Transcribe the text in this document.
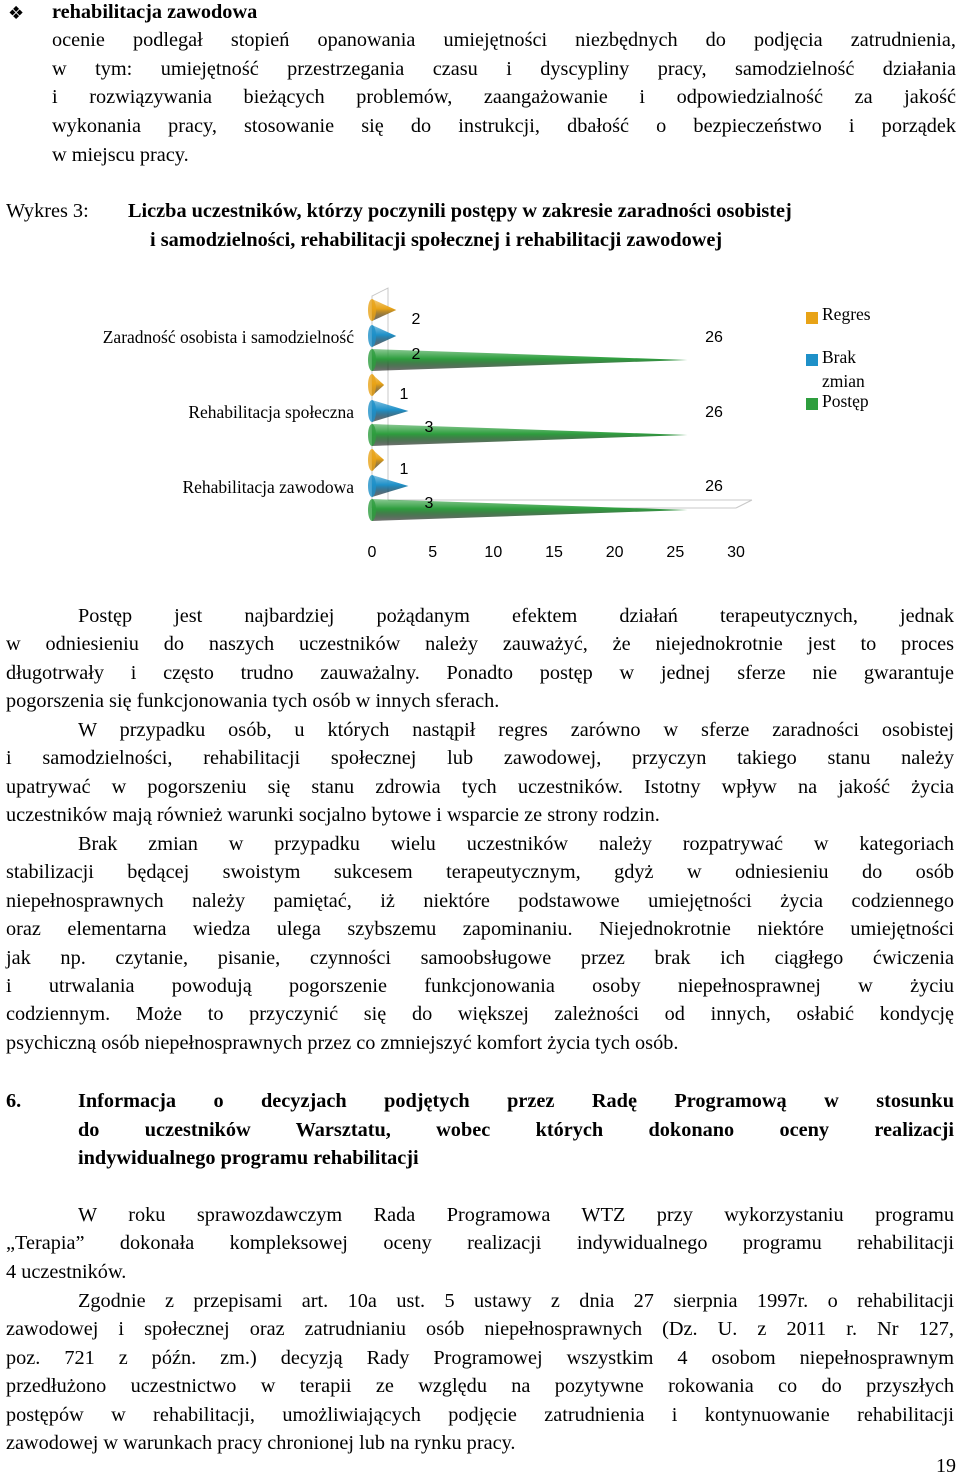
❖ rehabilitacja zawodowa
ocenie podlegał stopień opanowania umiejętności niezbędnych do podjęcia zatrudnienia,
w tym: umiejętność przestrzegania czasu i dyscypliny pracy, samodzielność działania
i rozwiązywania bieżących problemów, zaangażowanie i odpowiedzialność za jakość
wykonania pracy, stosowanie się do instrukcji, dbałość o bezpieczeństwo i porządek
w miejscu pracy.
Wykres 3: Liczba uczestników, którzy poczynili postępy w zakresie zaradności osobistej
i samodzielności, rehabilitacji społecznej i rehabilitacji zawodowej
0	5	10	15	20	25	30
2
2
26
1
3
26
1
3
26
Zaradność osobista i samodzielność
Rehabilitacja społeczna
Rehabilitacja zawodowa
Regres
Brak
zmian
Postęp
Postęp jest najbardziej pożądanym efektem działań terapeutycznych, jednak
w odniesieniu do naszych uczestników należy zauważyć, że niejednokrotnie jest to proces
długotrwały i często trudno zauważalny. Ponadto postęp w jednej sferze nie gwarantuje
pogorszenia się funkcjonowania tych osób w innych sferach.
W przypadku osób, u których nastąpił regres zarówno w sferze zaradności osobistej
i samodzielności, rehabilitacji społecznej lub zawodowej, przyczyn takiego stanu należy
upatrywać w pogorszeniu się stanu zdrowia tych uczestników. Istotny wpływ na jakość życia
uczestników mają również warunki socjalno bytowe i wsparcie ze strony rodzin.
Brak zmian w przypadku wielu uczestników należy rozpatrywać w kategoriach
stabilizacji będącej swoistym sukcesem terapeutycznym, gdyż w odniesieniu do osób
niepełnosprawnych należy pamiętać, iż niektóre podstawowe umiejętności życia codziennego
oraz elementarna wiedza ulega szybszemu zapominaniu. Niejednokrotnie niektóre umiejętności
jak np. czytanie, pisanie, czynności samoobsługowe przez brak ich ciągłego ćwiczenia
i utrwalania powodują pogorszenie funkcjonowania osoby niepełnosprawnej w życiu
codziennym. Może to przyczynić się do większej zależności od innych, osłabić kondycję
psychiczną osób niepełnosprawnych przez co zmniejszyć komfort życia tych osób.
6.	Informacja o decyzjach podjętych przez Radę Programową w stosunku
do uczestników Warsztatu, wobec których dokonano oceny realizacji
indywidualnego programu rehabilitacji
W roku sprawozdawczym Rada Programowa WTZ przy wykorzystaniu programu
„Terapia” dokonała kompleksowej oceny realizacji indywidualnego programu rehabilitacji
4 uczestników.
Zgodnie z przepisami art. 10a ust. 5 ustawy z dnia 27 sierpnia 1997r. o rehabilitacji
zawodowej i społecznej oraz zatrudnianiu osób niepełnosprawnych (Dz. U. z 2011 r. Nr 127,
poz. 721 z późn. zm.) decyzją Rady Programowej wszystkim 4 osobom niepełnosprawnym
przedłużono uczestnictwo w terapii ze względu na pozytywne rokowania co do przyszłych
postępów w rehabilitacji, umożliwiających podjęcie zatrudnienia i kontynuowanie rehabilitacji
zawodowej w warunkach pracy chronionej lub na rynku pracy.
19
